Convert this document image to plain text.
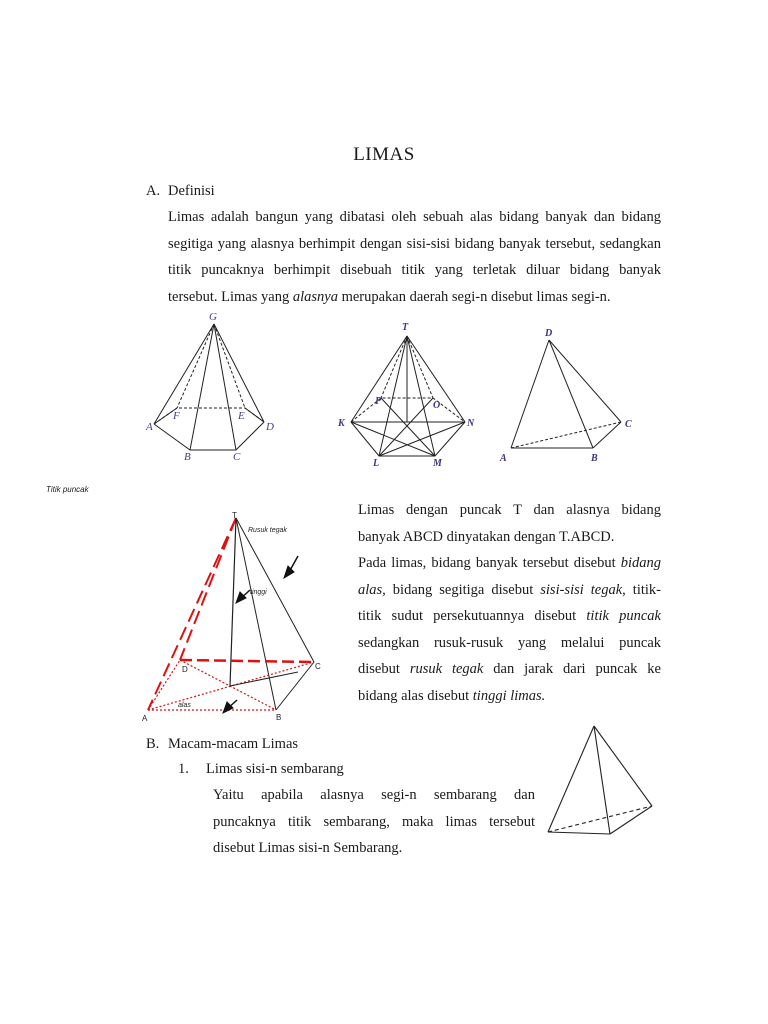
LIMAS
A. Definisi
Limas adalah bangun yang dibatasi oleh sebuah alas bidang banyak dan bidang
segitiga yang alasnya berhimpit dengan sisi-sisi bidang banyak tersebut, sedangkan
titik puncaknya berhimpit disebuah titik yang terletak diluar bidang banyak
tersebut. Limas yang alasnya merupakan daerah segi-n disebut limas segi-n.
G
A
B	C
D
E
F
T
K
L	M
N
O
P
D
A	B
C
Titik puncak
T
Rusuk tegak
tinggi
alas
A	B
C
D
Limas dengan puncak T dan alasnya bidang
banyak ABCD dinyatakan dengan T.ABCD.
Pada limas, bidang banyak tersebut disebut bidang
alas, bidang segitiga disebut sisi-sisi tegak, titik-
titik sudut persekutuannya disebut titik puncak
sedangkan rusuk-rusuk yang melalui puncak
disebut rusuk tegak dan jarak dari puncak ke
bidang alas disebut tinggi limas.
B. Macam-macam Limas
1. Limas sisi-n sembarang
Yaitu apabila alasnya segi-n sembarang dan
puncaknya titik sembarang, maka limas tersebut
disebut Limas sisi-n Sembarang.
